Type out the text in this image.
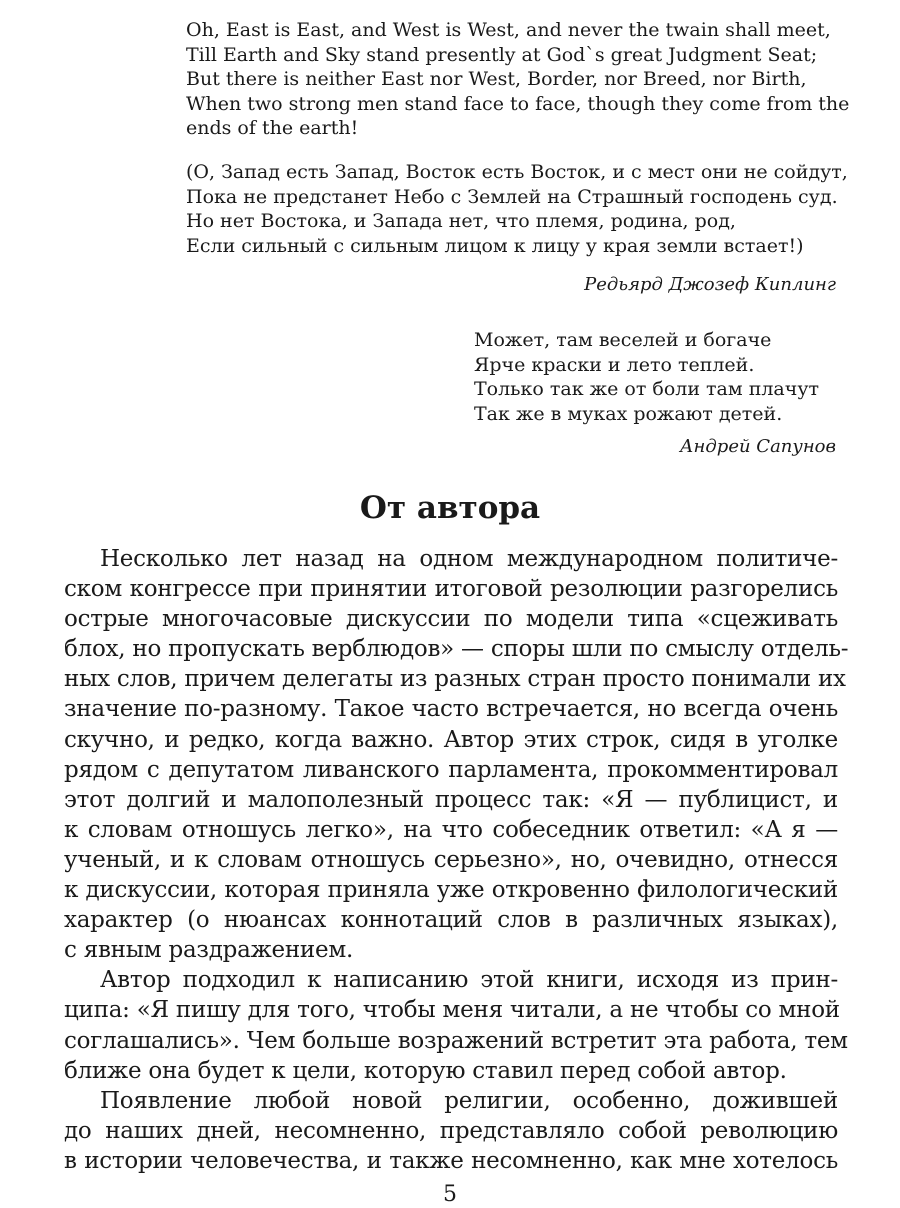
Oh, East is East, and West is West, and never the twain shall meet,
Till Earth and Sky stand presently at God`s great Judgment Seat;
But there is neither East nor West, Border, nor Breed, nor Birth,
When two strong men stand face to face, though they come from the
ends of the earth!
(О, Запад есть Запад, Восток есть Восток, и с мест они не сойдут,
Пока не предстанет Небо с Землей на Страшный господень суд.
Но нет Востока, и Запада нет, что племя, родина, род,
Если сильный с сильным лицом к лицу у края земли встает!)
Редьярд Джозеф Киплинг
Может, там веселей и богаче
Ярче краски и лето теплей.
Только так же от боли там плачут
Так же в муках рожают детей.
Андрей Сапунов
От автора
Несколько лет назад на одном международном политиче-
ском конгрессе при принятии итоговой резолюции разгорелись
острые многочасовые дискуссии по модели типа «сцеживать
блох, но пропускать верблюдов» — споры шли по смыслу отдель-
ных слов, причем делегаты из разных стран просто понимали их
значение по-разному. Такое часто встречается, но всегда очень
скучно, и редко, когда важно. Автор этих строк, сидя в уголке
рядом с депутатом ливанского парламента, прокомментировал
этот долгий и малополезный процесс так: «Я — публицист, и
к словам отношусь легко», на что собеседник ответил: «А я —
ученый, и к словам отношусь серьезно», но, очевидно, отнесся
к дискуссии, которая приняла уже откровенно филологический
характер (о нюансах коннотаций слов в различных языках),
с явным раздражением.
Автор подходил к написанию этой книги, исходя из прин-
ципа: «Я пишу для того, чтобы меня читали, а не чтобы со мной
соглашались». Чем больше возражений встретит эта работа, тем
ближе она будет к цели, которую ставил перед собой автор.
Появление любой новой религии, особенно, дожившей
до наших дней, несомненно, представляло собой революцию
в истории человечества, и также несомненно, как мне хотелось
5
